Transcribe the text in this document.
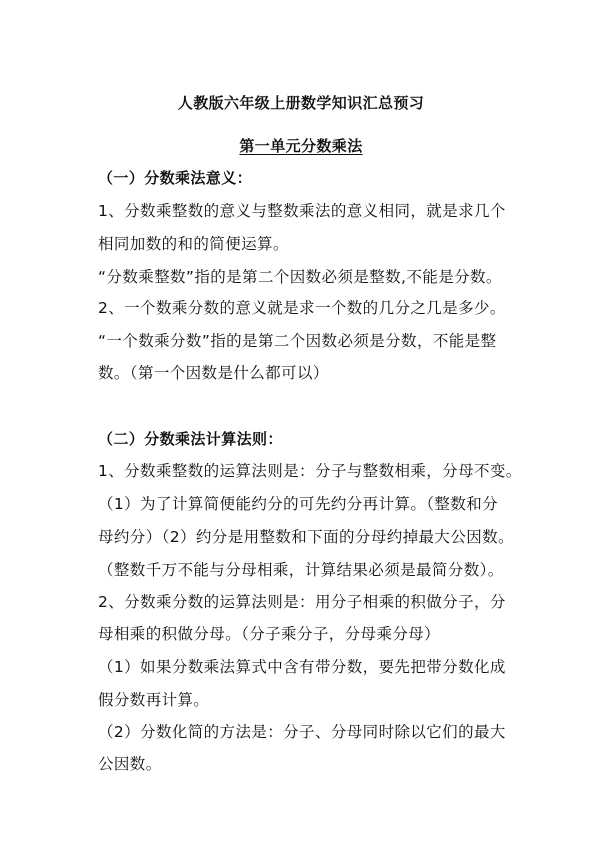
人教版六年级上册数学知识汇总预习
第一单元分数乘法
（一）分数乘法意义：
1、分数乘整数的意义与整数乘法的意义相同，就是求几个
相同加数的和的简便运算。
“分数乘整数”指的是第二个因数必须是整数,不能是分数。
2、一个数乘分数的意义就是求一个数的几分之几是多少。
“一个数乘分数”指的是第二个因数必须是分数，不能是整
数。（第一个因数是什么都可以）
（二）分数乘法计算法则：
1、分数乘整数的运算法则是：分子与整数相乘，分母不变。
（1）为了计算简便能约分的可先约分再计算。（整数和分
母约分）（2）约分是用整数和下面的分母约掉最大公因数。
（整数千万不能与分母相乘，计算结果必须是最简分数）。
2、分数乘分数的运算法则是：用分子相乘的积做分子，分
母相乘的积做分母。（分子乘分子，分母乘分母）
（1）如果分数乘法算式中含有带分数，要先把带分数化成
假分数再计算。
（2）分数化简的方法是：分子、分母同时除以它们的最大
公因数。
